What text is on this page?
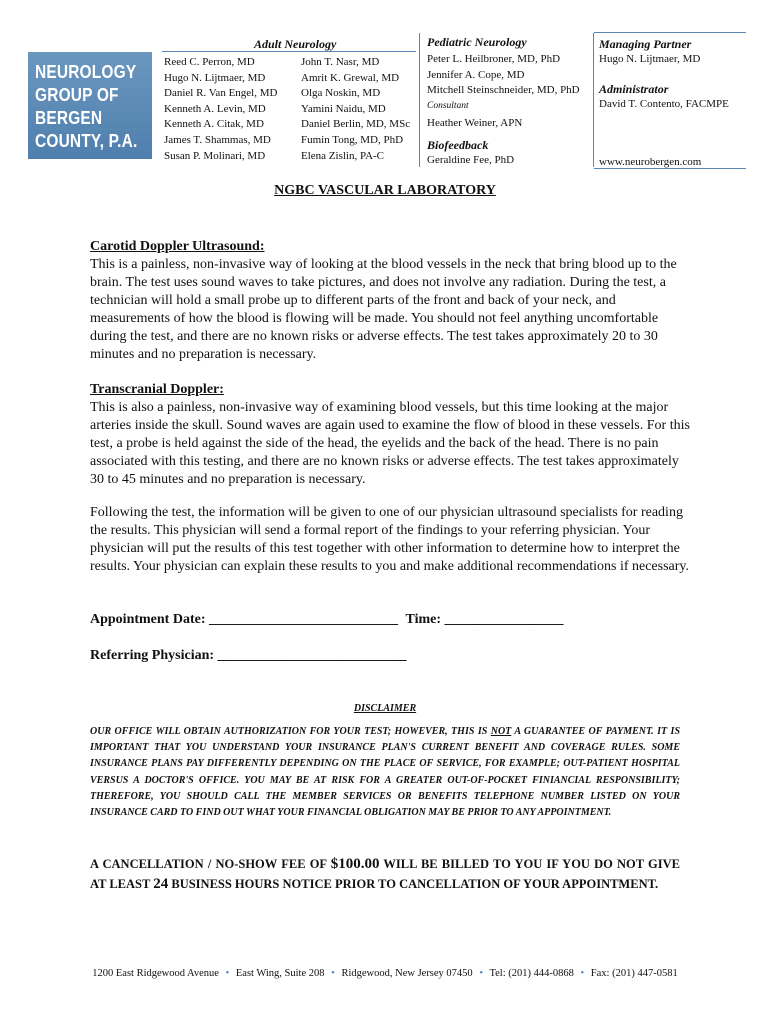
NEUROLOGY
GROUP OF
BERGEN
COUNTY, P.A.
Adult Neurology
Reed C. Perron, MD
Hugo N. Lijtmaer, MD
Daniel R. Van Engel, MD
Kenneth A. Levin, MD
Kenneth A. Citak, MD
James T. Shammas, MD
Susan P. Molinari, MD
John T. Nasr, MD
Amrit K. Grewal, MD
Olga Noskin, MD
Yamini Naidu, MD
Daniel Berlin, MD, MSc
Fumin Tong, MD, PhD
Elena Zislin, PA-C
Pediatric Neurology
Peter L. Heilbroner, MD, PhD
Jennifer A. Cope, MD
Mitchell Steinschneider, MD, PhD
Consultant
Heather Weiner, APN
Biofeedback
Geraldine Fee, PhD
Managing Partner
Hugo N. Lijtmaer, MD
Administrator
David T. Contento, FACMPE
www.neurobergen.com
NGBC VASCULAR LABORATORY
Carotid Doppler Ultrasound:

This is a painless, non-invasive way of looking at the blood vessels in the neck that bring blood up to the brain. The test uses sound waves to take pictures, and does not involve any radiation. During the test, a technician will hold a small probe up to different parts of the front and back of your neck, and measurements of how the blood is flowing will be made. You should not feel anything uncomfortable during the test, and there are no known risks or adverse effects. The test takes approximately 20 to 30 minutes and no preparation is necessary.

Transcranial Doppler:

This is also a painless, non-invasive way of examining blood vessels, but this time looking at the major arteries inside the skull. Sound waves are again used to examine the flow of blood in these vessels. For this test, a probe is held against the side of the head, the eyelids and the back of the head. There is no pain associated with this testing, and there are no known risks or adverse effects. The test takes approximately 30 to 45 minutes and no preparation is necessary.

Following the test, the information will be given to one of our physician ultrasound specialists for reading the results. This physician will send a formal report of the findings to your referring physician. Your physician will put the results of this test together with other information to determine how to interpret the results. Your physician can explain these results to you and make additional recommendations if necessary.

Appointment Date: ___________________________ Time: _________________
Referring Physician: ___________________________
DISCLAIMER
OUR OFFICE WILL OBTAIN AUTHORIZATION FOR YOUR TEST; HOWEVER, THIS IS NOT A GUARANTEE OF PAYMENT. IT IS IMPORTANT THAT YOU UNDERSTAND YOUR INSURANCE PLAN'S CURRENT BENEFIT AND COVERAGE RULES. SOME INSURANCE PLANS PAY DIFFERENTLY DEPENDING ON THE PLACE OF SERVICE, FOR EXAMPLE; OUT-PATIENT HOSPITAL VERSUS A DOCTOR'S OFFICE. YOU MAY BE AT RISK FOR A GREATER OUT-OF-POCKET FINIANCIAL RESPONSIBILITY; THEREFORE, YOU SHOULD CALL THE MEMBER SERVICES OR BENEFITS TELEPHONE NUMBER LISTED ON YOUR INSURANCE CARD TO FIND OUT WHAT YOUR FINANCIAL OBLIGATION MAY BE PRIOR TO ANY APPOINTMENT.
A CANCELLATION / NO-SHOW FEE OF $100.00 WILL BE BILLED TO YOU IF YOU DO NOT GIVE AT LEAST 24 BUSINESS HOURS NOTICE PRIOR TO CANCELLATION OF YOUR APPOINTMENT.
1200 East Ridgewood Avenue • East Wing, Suite 208 • Ridgewood, New Jersey 07450 • Tel: (201) 444-0868 • Fax: (201) 447-0581
